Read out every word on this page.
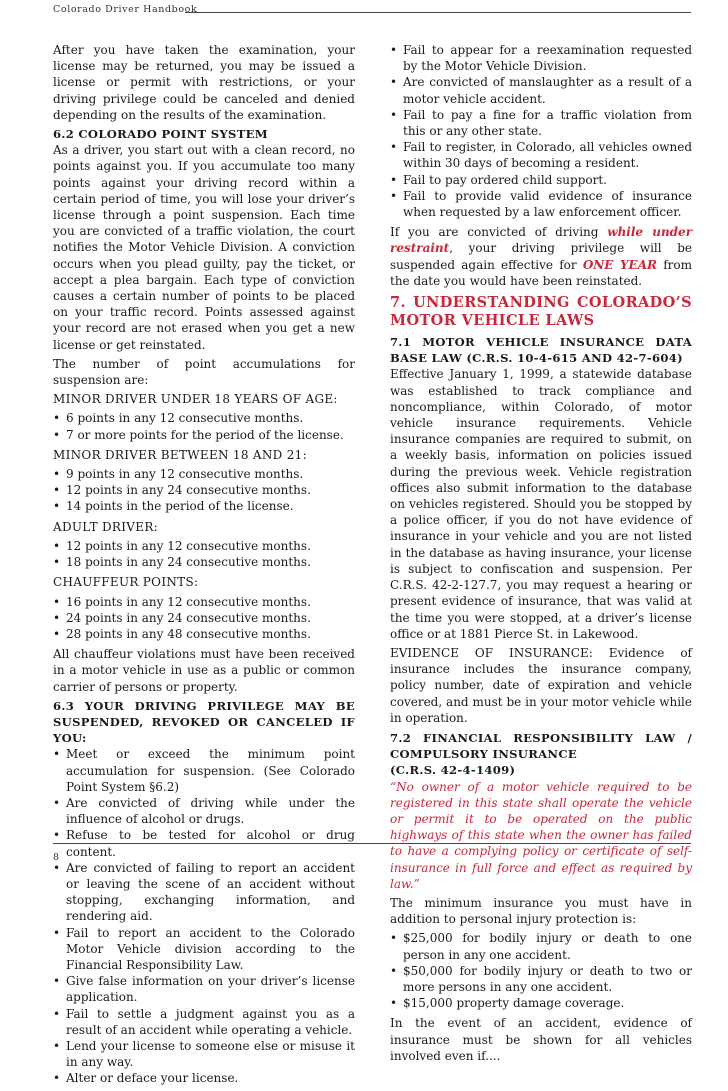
Colorado Driver Handbook

After you have taken the examination, your license may be returned, you may be issued a license or permit with restrictions, or your driving privilege could be canceled and denied depending on the results of the examination.

6.2 COLORADO POINT SYSTEM

As a driver, you start out with a clean record, no points against you. If you accumulate too many points against your driving record within a certain period of time, you will lose your driver’s license through a point suspension. Each time you are convicted of a traffic violation, the court notifies the Motor Vehicle Division. A conviction occurs when you plead guilty, pay the ticket, or accept a plea bargain. Each type of conviction causes a certain number of points to be placed on your traffic record. Points assessed against your record are not erased when you get a new license or get reinstated.

The number of point accumulations for suspension are:

MINOR DRIVER UNDER 18 YEARS OF AGE:

• 6 points in any 12 consecutive months.
• 7 or more points for the period of the license.

MINOR DRIVER BETWEEN 18 AND 21:

• 9 points in any 12 consecutive months.
• 12 points in any 24 consecutive months.
• 14 points in the period of the license.

ADULT DRIVER:

• 12 points in any 12 consecutive months.
• 18 points in any 24 consecutive months.

CHAUFFEUR POINTS:

• 16 points in any 12 consecutive months.
• 24 points in any 24 consecutive months.
• 28 points in any 48 consecutive months.

All chauffeur violations must have been received in a motor vehicle in use as a public or common carrier of persons or property.

6.3 YOUR DRIVING PRIVILEGE MAY BE SUSPENDED, REVOKED OR CANCELED IF YOU:

• Meet or exceed the minimum point accumulation for suspension. (See Colorado Point System §6.2)
• Are convicted of driving while under the influence of alcohol or drugs.
• Refuse to be tested for alcohol or drug content.
• Are convicted of failing to report an accident or leaving the scene of an accident without stopping, exchanging information, and rendering aid.
• Fail to report an accident to the Colorado Motor Vehicle division according to the Financial Responsibility Law.
• Give false information on your driver’s license application.
• Fail to settle a judgment against you as a result of an accident while operating a vehicle.
• Lend your license to someone else or misuse it in any way.
• Alter or deface your license.
• Fail to appear for a reexamination requested by the Motor Vehicle Division.
• Are convicted of manslaughter as a result of a motor vehicle accident.
• Fail to pay a fine for a traffic violation from this or any other state.
• Fail to register, in Colorado, all vehicles owned within 30 days of becoming a resident.
• Fail to pay ordered child support.
• Fail to provide valid evidence of insurance when requested by a law enforcement officer.

If you are convicted of driving while under restraint, your driving privilege will be suspended again effective for ONE YEAR from the date you would have been reinstated.

7. UNDERSTANDING COLORADO’S MOTOR VEHICLE LAWS

7.1 MOTOR VEHICLE INSURANCE DATA BASE LAW (C.R.S. 10-4-615 AND 42-7-604)

Effective January 1, 1999, a statewide database was established to track compliance and noncompliance, within Colorado, of motor vehicle insurance requirements. Vehicle insurance companies are required to submit, on a weekly basis, information on policies issued during the previous week. Vehicle registration offices also submit information to the database on vehicles registered. Should you be stopped by a police officer, if you do not have evidence of insurance in your vehicle and you are not listed in the database as having insurance, your license is subject to confiscation and suspension. Per C.R.S. 42-2-127.7, you may request a hearing or present evidence of insurance, that was valid at the time you were stopped, at a driver’s license office or at 1881 Pierce St. in Lakewood.

EVIDENCE OF INSURANCE: Evidence of insurance includes the insurance company, policy number, date of expiration and vehicle covered, and must be in your motor vehicle while in operation.

7.2 FINANCIAL RESPONSIBILITY LAW / COMPULSORY INSURANCE

(C.R.S. 42-4-1409)

“No owner of a motor vehicle required to be registered in this state shall operate the vehicle or permit it to be operated on the public highways of this state when the owner has failed to have a complying policy or certificate of self-insurance in full force and effect as required by law.”

The minimum insurance you must have in addition to personal injury protection is:

• $25,000 for bodily injury or death to one person in any one accident.
• $50,000 for bodily injury or death to two or more persons in any one accident.
• $15,000 property damage coverage.

In the event of an accident, evidence of insurance must be shown for all vehicles involved even if....

8
